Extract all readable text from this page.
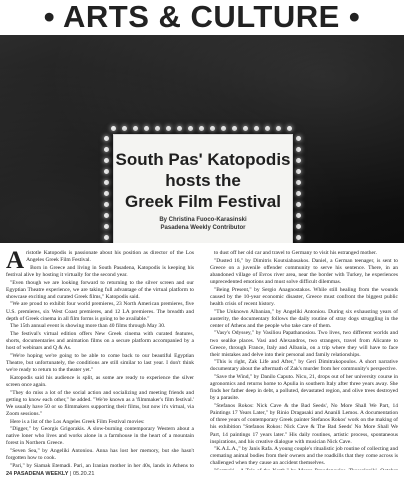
• ARTS & CULTURE •
South Pas' Katopodis
hosts the
Greek Film Festival
By Christina Fuoco-Karasinski
Pasadena Weekly Contributor

Aristotle Katopodis is passionate about his position as director of the Los Angeles Greek Film Festival.

Born in Greece and living in South Pasadena, Katopodis is keeping his festival alive by hosting it virtually for the second year.

"Even though we are looking forward to returning to the silver screen and our Egyptian Theatre experience, we are taking full advantage of the virtual platform to showcase exciting and curated Greek films," Katopodis said.

"We are proud to exhibit four world premieres, 23 North American premieres, five U.S. premieres, six West Coast premieres, and 12 LA premieres. The breadth and depth of Greek cinema in all film forms is going to be available."

The 15th annual event is showing more than 40 films through May 30.

The festival's virtual edition offers New Greek cinema with curated features, shorts, documentaries and animation films on a secure platform accompanied by a host of webinars and Q & As.

"We're hoping we're going to be able to come back to our beautiful Egyptian Theatre, but unfortunately, the conditions are still similar to last year. I don't think we're ready to return to the theater yet."

Katopodis said his audience is split, as some are ready to experience the silver screen once again.

"They do miss a lot of the social action and socializing and meeting friends and getting to know each other," he added. "We're known as a 'filmmaker's film festival.' We usually have 50 or so filmmakers supporting their films, but now it's virtual, via Zoom sessions."

Here is a list of the Los Angeles Greek Film Festival movies:

"Digger," by Georgis Grigorakis. A slow-burning contemporary Western about a native loner who lives and works alone in a farmhouse in the heart of a mountain forest in Northern Greece.

"Seven Sea," by Angeliki Antoniou. Anna has lost her memory, but she hasn't forgotten how to cook.

"Pari," by Siamak Etemadi. Pari, an Iranian mother in her 40s, lands in Athens to

to dust off her old car and travel to Germany to visit his estranged mother.

"Dusted 16," by Dimitris Koutsiabasakos. Daniel, a German teenager, is sent to Greece on a juvenile offender community to serve his sentence. There, in an abandoned village of Evros river area, near the border with Turkey, he experiences unprecedented emotions and must solve difficult dilemmas.

"Being Present," by Sergio Anagnostakos. While still healing from the wounds caused by the 10-year economic disaster, Greece must confront the biggest public health crisis of recent history.

"The Unknown Albanian," by Angeliki Antoniou. During six exhausting years of austerity, the documentary follows the daily routine of stray dogs struggling in the center of Athens and the people who take care of them.

"Vasy's Odyssey," by Vasiliou Papathanosiou. Two lives, two different worlds and two sealike places. Vasi and Alexandros, two strangers, travel from Alicante to Greece, through France, Italy and Albania, on a trip where they will have to face their mistakes and delve into their personal and family relationships.

"This is right, Zak Life and After," by Geri Dimitrakopoulos. A short narrative documentary about the aftermath of Zak's murder from her community's perspective.

"Save the Wind," by Danilo Caputo. Nicu, 21, drops out of her university course in agronomics and returns home to Apulia in southern Italy after three years away. She finds her father deep in debt, a polluted, devastated region, and olive trees destroyed by a parasite.

"Stefanos Rokos: Nick Cave & the Bad Seeds', No More Shall We Part, 14 Paintings 17 Years Later," by Rinio Dragasaki and Ananili Lemos. A documentation of three years of contemporary Greek painter Stefanos Rokos' work on the making of his exhibition "Stefanos Rokos: Nick Cave & The Bad Seeds' No More Shall We Part, 14 paintings 17 years later." His daily routines, artistic process, spontaneous inspirations, and his creative dialogue with musician Nick Cave.

"K.A.L.A.," by Janis Rafa. A young couple's ritualistic job routine of collecting and cremating animal bodies from their owners and the roadkills that they come across is challenged when they cause an accident themselves.

24 PASADENA WEEKLY | 05.20.21
